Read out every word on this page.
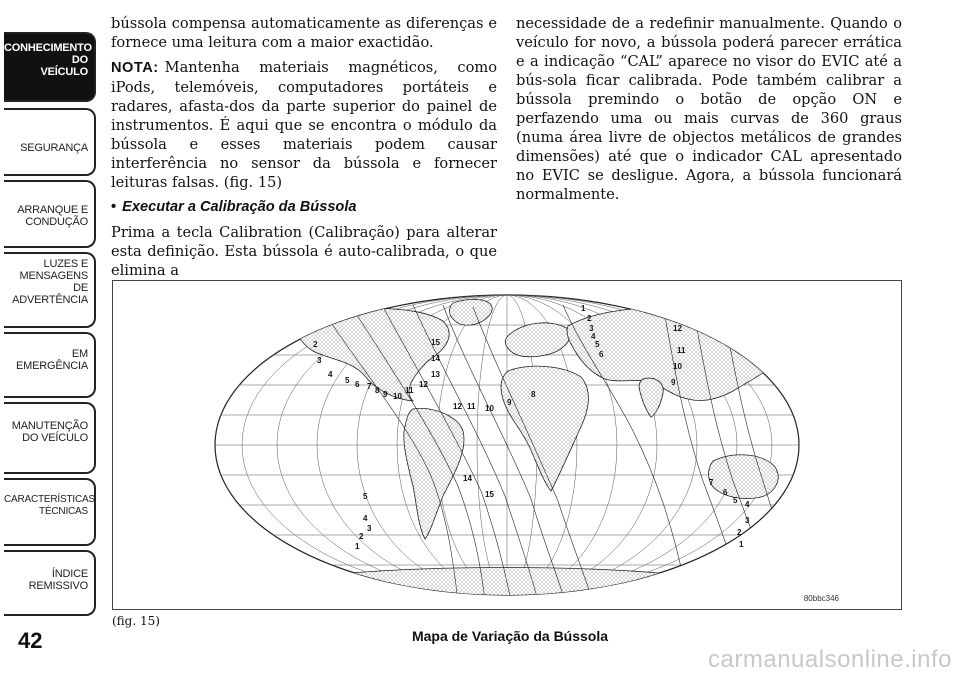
CONHECIMENTO
DO
VEÍCULO
SEGURANÇA
ARRANQUE E
CONDUÇÃO
LUZES E
MENSAGENS
DE
ADVERTÊNCIA
EM
EMERGÊNCIA
MANUTENÇÃO
DO VEÍCULO
CARACTERÍSTICAS
TÉCNICAS
ÍNDICE
REMISSIVO
42

bússola compensa automaticamente as diferenças e fornece uma leitura com a maior exactidão.

NOTA: Mantenha materiais magnéticos, como iPods, telemóveis, computadores portáteis e radares, afasta-dos da parte superior do painel de instrumentos. É aqui que se encontra o módulo da bússola e esses materiais podem causar interferência no sensor da bússola e fornecer leituras falsas. (fig. 15)

• Executar a Calibração da Bússola

Prima a tecla Calibration (Calibração) para alterar esta definição. Esta bússola é auto-calibrada, o que elimina a

necessidade de a redefinir manualmente. Quando o veículo for novo, a bússola poderá parecer errática e a indicação “CAL” aparece no visor do EVIC até a bús-sola ficar calibrada. Pode também calibrar a bússola premindo o botão de opção ON e perfazendo uma ou mais curvas de 360 graus (numa área livre de objectos metálicos de grandes dimensões) até que o indicador CAL apresentado no EVIC se desligue. Agora, a bússola funcionará normalmente.

2
3
4
5 6 7 8 9 10
11
12
13
14
15
12 11 10
9
8
1
2
3
4
5
6
12
11
10
9
14
15
5
4
3
2
1
7
6
5 4
3
2
1
80bbc346
(fig. 15)
Mapa de Variação da Bússola
carmanualsonline.info
